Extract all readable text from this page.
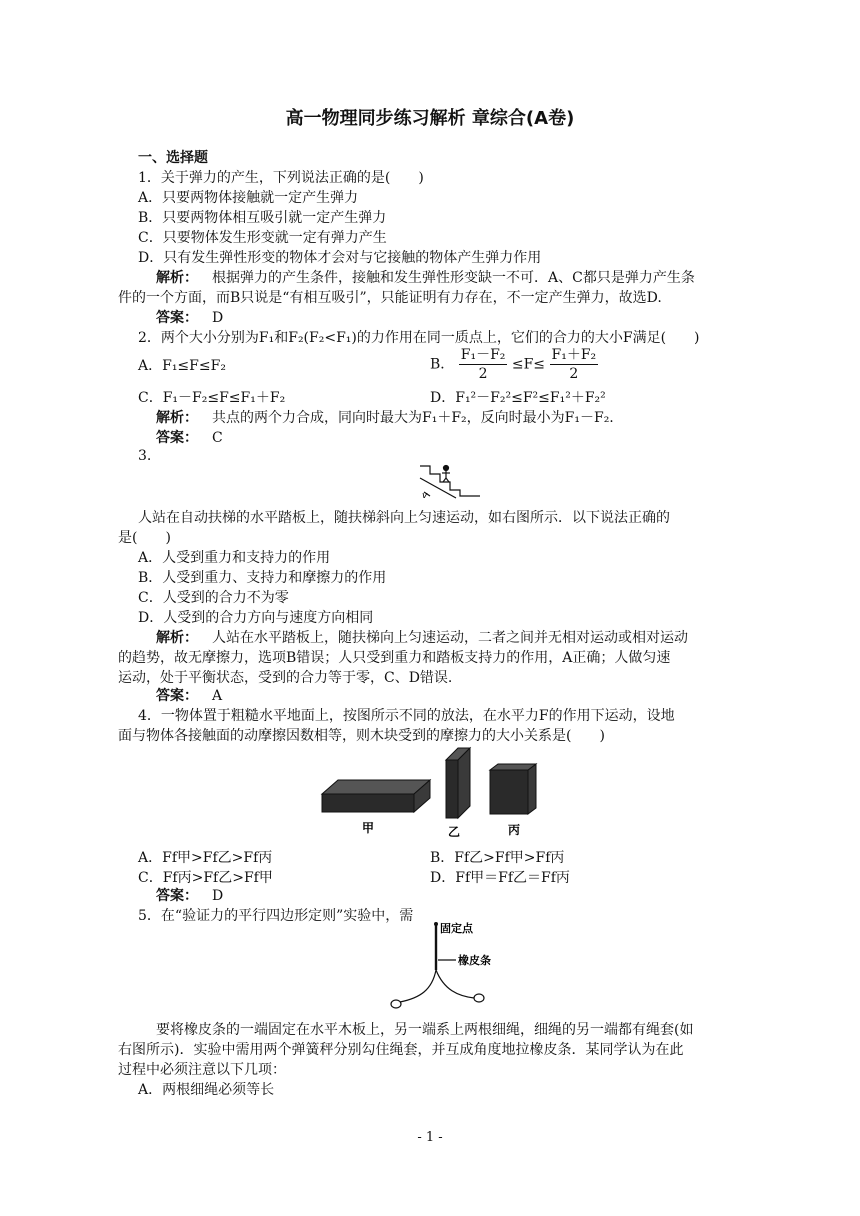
高一物理同步练习解析 章综合(A卷)
一、选择题
1．关于弹力的产生，下列说法正确的是(　　)
A．只要两物体接触就一定产生弹力
B．只要两物体相互吸引就一定产生弹力
C．只要物体发生形变就一定有弹力产生
D．只有发生弹性形变的物体才会对与它接触的物体产生弹力作用
解析： 根据弹力的产生条件，接触和发生弹性形变缺一不可．A、C都只是弹力产生条
件的一个方面，而B只说是“有相互吸引”，只能证明有力存在，不一定产生弹力，故选D.
答案： D
2．两个大小分别为F₁和F₂(F₂<F₁)的力作用在同一质点上，它们的合力的大小F满足(　　)
A．F₁≤F≤F₂	B． $\frac{\text{F₁－F₂}}{2} \le F\le \frac{\text{F₁＋F₂}}{2}$
C．F₁－F₂≤F≤F₁＋F₂	D．F₁²－F₂²≤F²≤F₁²＋F₂²
解析： 共点的两个力合成，同向时最大为F₁＋F₂，反向时最小为F₁－F₂.
答案： C
3.
v
人站在自动扶梯的水平踏板上，随扶梯斜向上匀速运动，如右图所示．以下说法正确的
是(　　)
A．人受到重力和支持力的作用
B．人受到重力、支持力和摩擦力的作用
C．人受到的合力不为零
D．人受到的合力方向与速度方向相同
解析： 人站在水平踏板上，随扶梯向上匀速运动，二者之间并无相对运动或相对运动
的趋势，故无摩擦力，选项B错误；人只受到重力和踏板支持力的作用，A正确；人做匀速
运动，处于平衡状态，受到的合力等于零，C、D错误.
答案： A
4．一物体置于粗糙水平地面上，按图所示不同的放法，在水平力F的作用下运动，设地
面与物体各接触面的动摩擦因数相等，则木块受到的摩擦力的大小关系是(　　)
甲	乙	丙
A．Ff甲>Ff乙>Ff丙	B．Ff乙>Ff甲>Ff丙
C．Ff丙>Ff乙>Ff甲	D．Ff甲＝Ff乙＝Ff丙
答案： D
5．在“验证力的平行四边形定则”实验中，需
固定点
橡皮条
要将橡皮条的一端固定在水平木板上，另一端系上两根细绳，细绳的另一端都有绳套(如
右图所示)．实验中需用两个弹簧秤分别勾住绳套，并互成角度地拉橡皮条．某同学认为在此
过程中必须注意以下几项：
A．两根细绳必须等长
- 1 -
